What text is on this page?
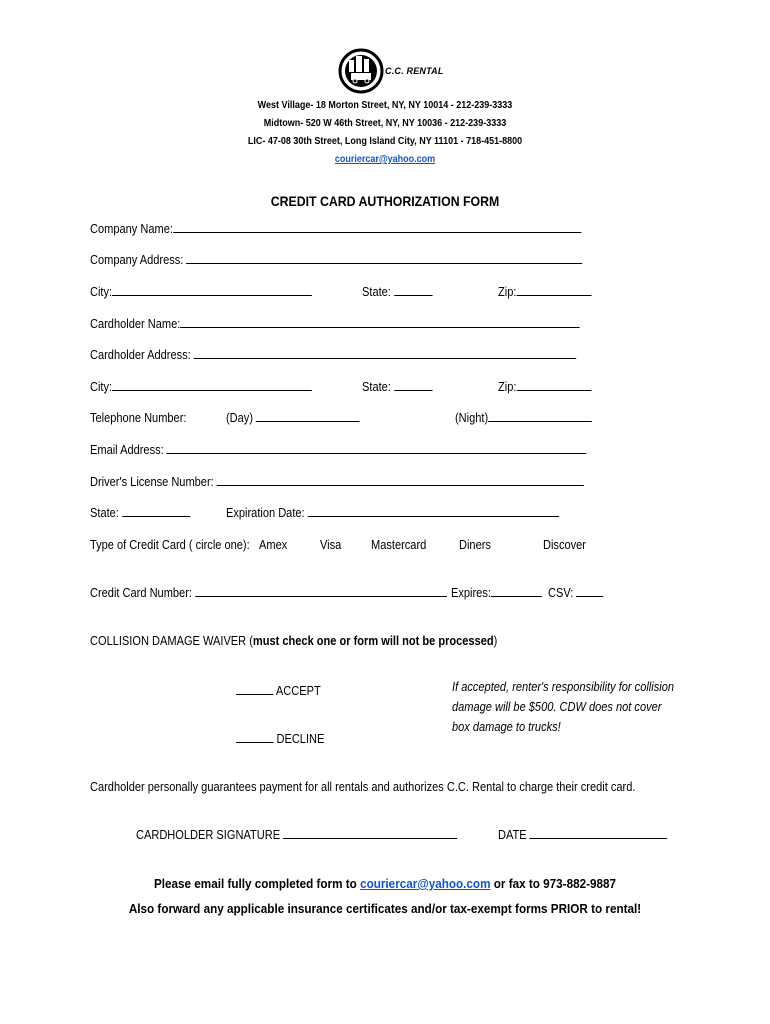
C.C. RENTAL
West Village- 18 Morton Street, NY, NY 10014 - 212-239-3333
Midtown- 520 W 46th Street, NY, NY 10036 - 212-239-3333
LIC- 47-08 30th Street, Long Island City, NY 11101 - 718-451-8800
couriercar@yahoo.com
CREDIT CARD AUTHORIZATION FORM
Company Name:
Company Address:
City:	State:	Zip:
Cardholder Name:
Cardholder Address:
City:	State:	Zip:
Telephone Number:	(Day)	(Night)
Email Address:
Driver's License Number:
State:	Expiration Date:
Type of Credit Card ( circle one): Amex	Visa Mastercard	Diners	Discover
Credit Card Number:	Expires:	CSV:
COLLISION DAMAGE WAIVER (must check one or form will not be processed)
ACCEPT
DECLINE
If accepted, renter's responsibility for collision damage will be $500. CDW does not cover box damage to trucks!
Cardholder personally guarantees payment for all rentals and authorizes C.C. Rental to charge their credit card.
CARDHOLDER SIGNATURE	DATE
Please email fully completed form to couriercar@yahoo.com or fax to 973-882-9887
Also forward any applicable insurance certificates and/or tax-exempt forms PRIOR to rental!
